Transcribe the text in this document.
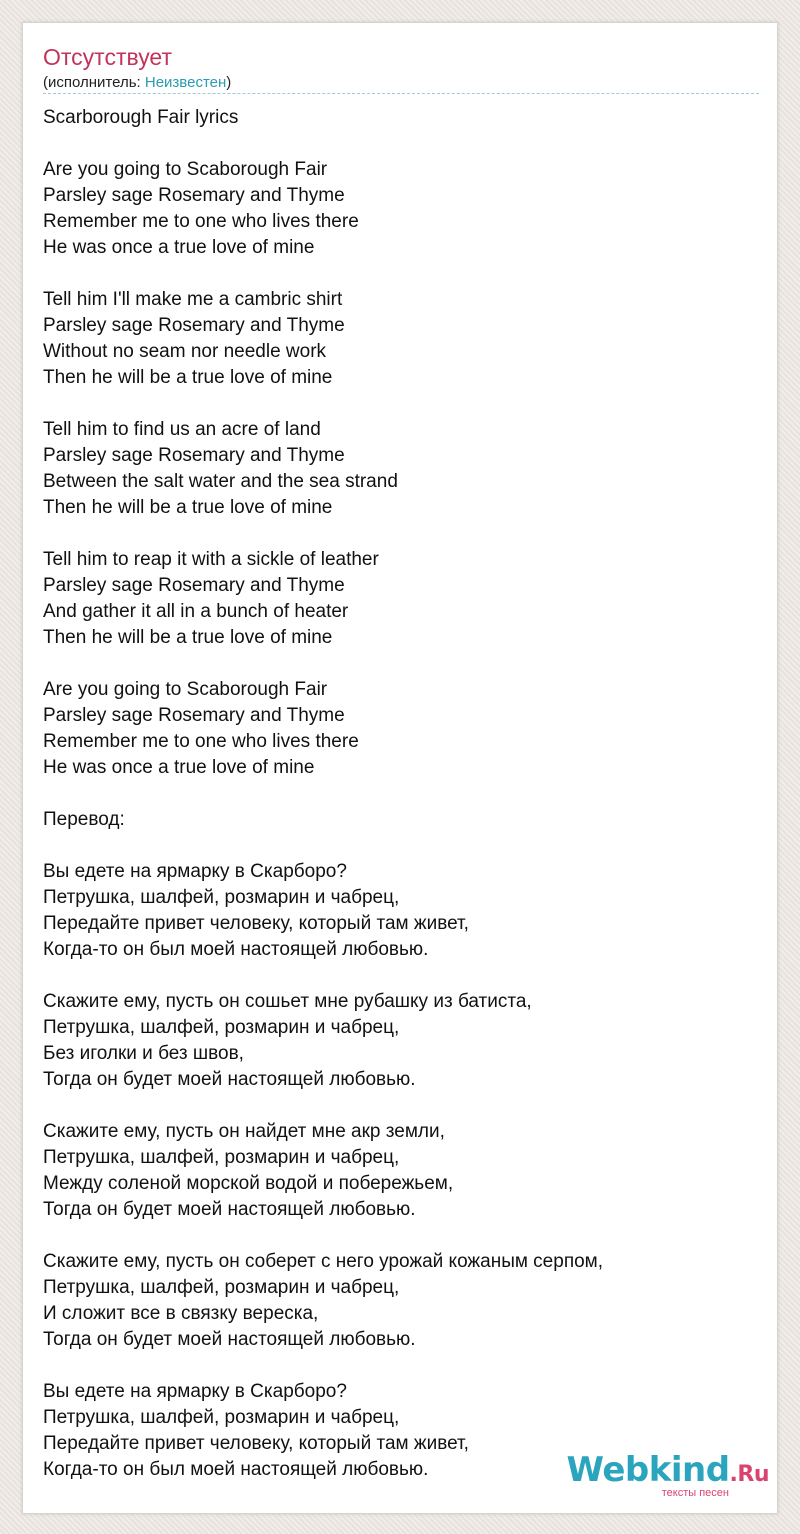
Отсутствует
(исполнитель: Неизвестен)
Scarborough Fair lyrics
Are you going to Scaborough Fair
Parsley sage Rosemary and Thyme
Remember me to one who lives there
He was once a true love of mine
Tell him I'll make me a cambric shirt
Parsley sage Rosemary and Thyme
Without no seam nor needle work
Then he will be a true love of mine
Tell him to find us an acre of land
Parsley sage Rosemary and Thyme
Between the salt water and the sea strand
Then he will be a true love of mine
Tell him to reap it with a sickle of leather
Parsley sage Rosemary and Thyme
And gather it all in a bunch of heater
Then he will be a true love of mine
Are you going to Scaborough Fair
Parsley sage Rosemary and Thyme
Remember me to one who lives there
He was once a true love of mine
Перевод:
Вы едете на ярмарку в Скарборо?
Петрушка, шалфей, розмарин и чабрец,
Передайте привет человеку, который там живет,
Когда-то он был моей настоящей любовью.
Скажите ему, пусть он сошьет мне рубашку из батиста,
Петрушка, шалфей, розмарин и чабрец,
Без иголки и без швов,
Тогда он будет моей настоящей любовью.
Скажите ему, пусть он найдет мне акр земли,
Петрушка, шалфей, розмарин и чабрец,
Между соленой морской водой и побережьем,
Тогда он будет моей настоящей любовью.
Скажите ему, пусть он соберет с него урожай кожаным серпом,
Петрушка, шалфей, розмарин и чабрец,
И сложит все в связку вереска,
Тогда он будет моей настоящей любовью.
Вы едете на ярмарку в Скарборо?
Петрушка, шалфей, розмарин и чабрец,
Передайте привет человеку, который там живет,
Когда-то он был моей настоящей любовью.	Webkind.Ru
тексты песен
